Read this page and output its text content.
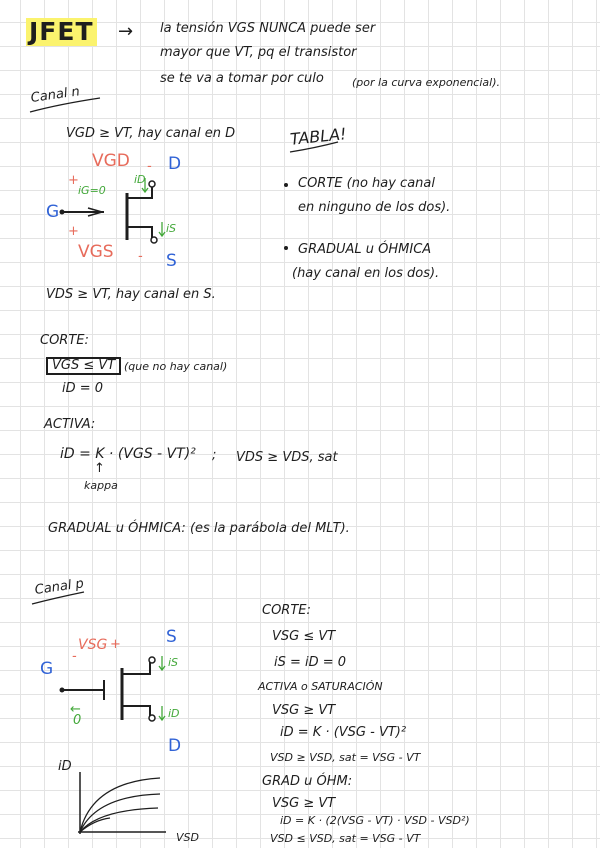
JFET → la tensión VGS NUNCA puede ser
mayor que VT, pq el transistor
se te va a tomar por culo	(por la curva exponencial).
Canal n
VGD ≥ VT, hay canal en D
VGD - D
+
iG=0
iD
G
iS
+
VGS - S
VDS ≥ VT, hay canal en S.
TABLA!
CORTE (no hay canal
en ninguno de los dos).
GRADUAL u ÓHMICA
(hay canal en los dos).
CORTE:
VGS ≤ VT (que no hay canal)
iD = 0
ACTIVA:
iD = K · (VGS - VT)² ; VDS ≥ VDS, sat
↑
kappa
GRADUAL u ÓHMICA: (es la parábola del MLT).
Canal p
VSG +
-
S
iS
G
←
0	iD
D
iD
VSD
CORTE:
VSG ≤ VT
iS = iD = 0
ACTIVA o SATURACIÓN
VSG ≥ VT
iD = K · (VSG - VT)²
VSD ≥ VSD, sat = VSG - VT
GRAD u ÓHM:
VSG ≥ VT
iD = K · (2(VSG - VT) · VSD - VSD²)
VSD ≤ VSD, sat = VSG - VT
